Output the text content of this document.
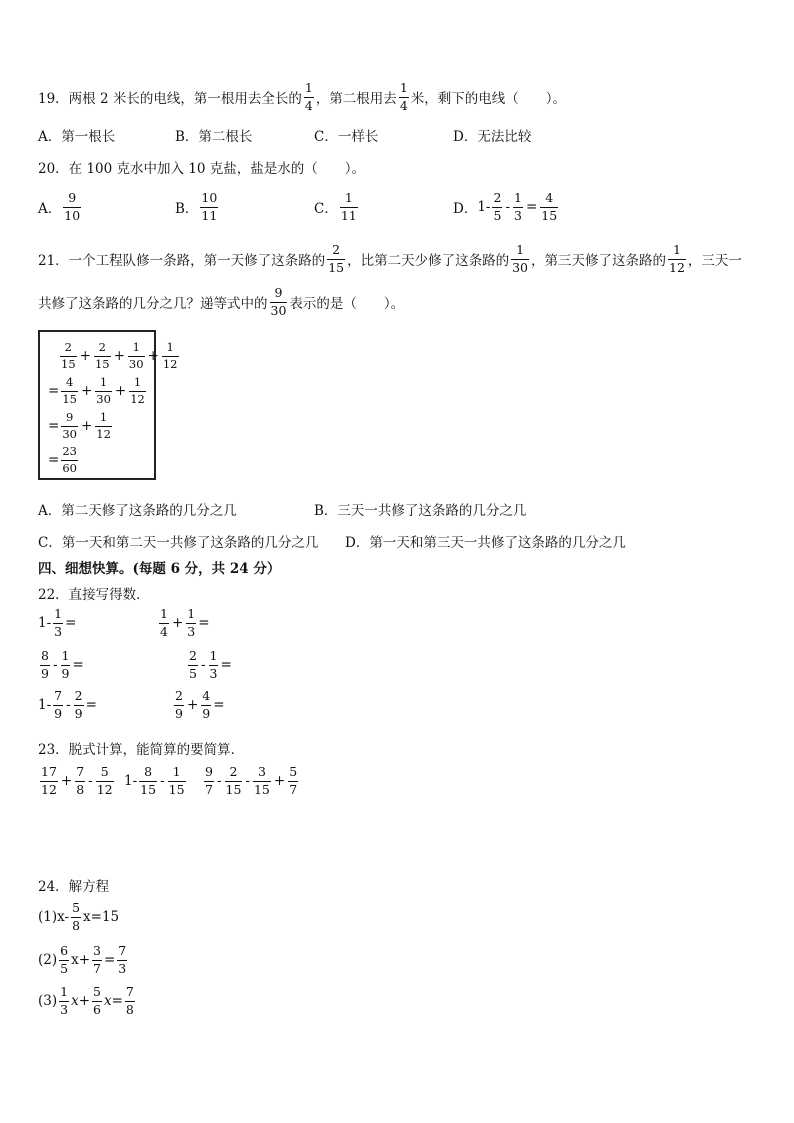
19．两根 2 米长的电线，第一根用去全长的 $\frac{1}{4}$ ，第二根用去 $\frac{1}{4}$ 米，剩下的电线（　　）。
A．第一根长	B．第二根长	C．一样长	D．无法比较
20．在 100 克水中加入 10 克盐，盐是水的（　　）。
A． $\frac{9}{10}$	B． $\frac{10}{11}$	C． $\frac{1}{11}$	D． $1- \frac{2}{5} - \frac{1}{3} = \frac{4}{15}$
21．一个工程队修一条路，第一天修了这条路的 $\frac{2}{15}$ ，比第二天少修了这条路的 $\frac{1}{30}$ ，第三天修了这条路的 $\frac{1}{12}$ ，三天一
共修了这条路的几分之几？递等式中的 $\frac{9}{30}$ 表示的是（　　）。
$\frac{2}{15} + \frac{2}{15} + \frac{1}{30} + \frac{1}{12}$
= $\frac{4}{15} + \frac{1}{30} + \frac{1}{12}$
= $\frac{9}{30} + \frac{1}{12}$
= $\frac{23}{60}$
A．第二天修了这条路的几分之几	B．三天一共修了这条路的几分之几
C．第一天和第二天一共修了这条路的几分之几 D．第一天和第三天一共修了这条路的几分之几
四、细想快算。(每题 6 分，共 24 分）
22．直接写得数．
$1- \frac{1}{3}$ =	$\frac{1}{4} + \frac{1}{3}$ =
$\frac{8}{9} - \frac{1}{9}$ =	$\frac{2}{5} - \frac{1}{3}$ =
$1- \frac{7}{9} - \frac{2}{9}$ =	$\frac{2}{9} + \frac{4}{9}$ =
23．脱式计算，能简算的要简算．
$\frac{17}{12} + \frac{7}{8} - \frac{5}{12} 1- \frac{8}{15} - \frac{1}{15} \frac{9}{7} - \frac{2}{15} - \frac{3}{15} + \frac{5}{7}$
24．解方程
$(1)x- \frac{5}{8} x=15$
$(2) \frac{6}{5} x+ \frac{3}{7} = \frac{7}{3}$
$(3) \frac{1}{3} x+ \frac{5}{6} x= \frac{7}{8}$
